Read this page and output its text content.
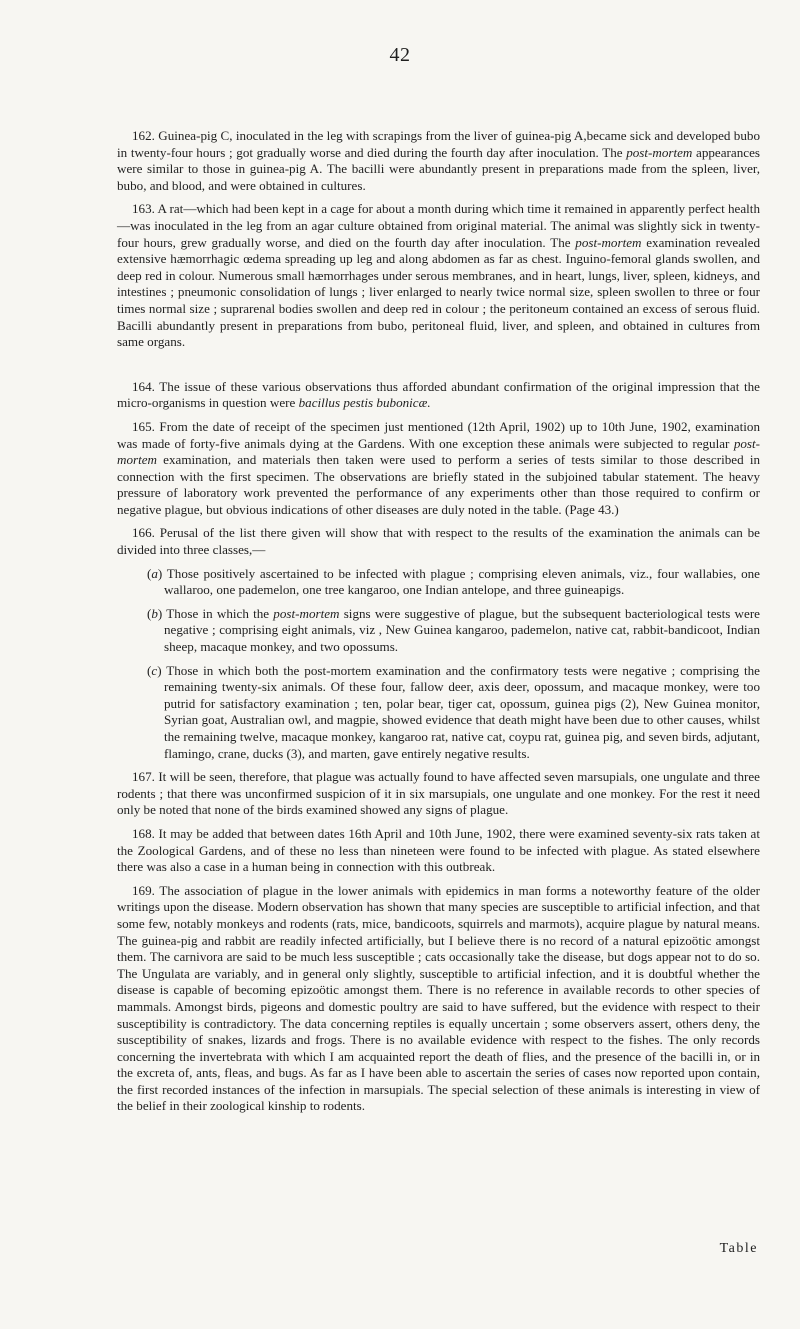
42

162. Guinea-pig C, inoculated in the leg with scrapings from the liver of guinea-pig A,became sick and developed bubo in twenty-four hours ; got gradually worse and died during the fourth day after inoculation. The post-mortem appearances were similar to those in guinea-pig A. The bacilli were abundantly present in preparations made from the spleen, liver, bubo, and blood, and were obtained in cultures.

163. A rat—which had been kept in a cage for about a month during which time it remained in apparently perfect health—was inoculated in the leg from an agar culture obtained from original material. The animal was slightly sick in twenty-four hours, grew gradually worse, and died on the fourth day after inoculation. The post-mortem examination revealed extensive hæmorrhagic œdema spreading up leg and along abdomen as far as chest. Inguino-femoral glands swollen, and deep red in colour. Numerous small hæmorrhages under serous membranes, and in heart, lungs, liver, spleen, kidneys, and intestines ; pneumonic consolidation of lungs ; liver enlarged to nearly twice normal size, spleen swollen to three or four times normal size ; suprarenal bodies swollen and deep red in colour ; the peritoneum contained an excess of serous fluid. Bacilli abundantly present in preparations from bubo, peritoneal fluid, liver, and spleen, and obtained in cultures from same organs.

164. The issue of these various observations thus afforded abundant confirmation of the original impression that the micro-organisms in question were bacillus pestis bubonicæ.

165. From the date of receipt of the specimen just mentioned (12th April, 1902) up to 10th June, 1902, examination was made of forty-five animals dying at the Gardens. With one exception these animals were subjected to regular post-mortem examination, and materials then taken were used to perform a series of tests similar to those described in connection with the first specimen. The observations are briefly stated in the subjoined tabular statement. The heavy pressure of laboratory work prevented the performance of any experiments other than those required to confirm or negative plague, but obvious indications of other diseases are duly noted in the table. (Page 43.)

166. Perusal of the list there given will show that with respect to the results of the examination the animals can be divided into three classes,—

(a) Those positively ascertained to be infected with plague ; comprising eleven animals, viz., four wallabies, one wallaroo, one pademelon, one tree kangaroo, one Indian antelope, and three guineapigs.

(b) Those in which the post-mortem signs were suggestive of plague, but the subsequent bacteriological tests were negative ; comprising eight animals, viz , New Guinea kangaroo, pademelon, native cat, rabbit-bandicoot, Indian sheep, macaque monkey, and two opossums.

(c) Those in which both the post-mortem examination and the confirmatory tests were negative ; comprising the remaining twenty-six animals. Of these four, fallow deer, axis deer, opossum, and macaque monkey, were too putrid for satisfactory examination ; ten, polar bear, tiger cat, opossum, guinea pigs (2), New Guinea monitor, Syrian goat, Australian owl, and magpie, showed evidence that death might have been due to other causes, whilst the remaining twelve, macaque monkey, kangaroo rat, native cat, coypu rat, guinea pig, and seven birds, adjutant, flamingo, crane, ducks (3), and marten, gave entirely negative results.

167. It will be seen, therefore, that plague was actually found to have affected seven marsupials, one ungulate and three rodents ; that there was unconfirmed suspicion of it in six marsupials, one ungulate and one monkey. For the rest it need only be noted that none of the birds examined showed any signs of plague.

168. It may be added that between dates 16th April and 10th June, 1902, there were examined seventy-six rats taken at the Zoological Gardens, and of these no less than nineteen were found to be infected with plague. As stated elsewhere there was also a case in a human being in connection with this outbreak.

169. The association of plague in the lower animals with epidemics in man forms a noteworthy feature of the older writings upon the disease. Modern observation has shown that many species are susceptible to artificial infection, and that some few, notably monkeys and rodents (rats, mice, bandicoots, squirrels and marmots), acquire plague by natural means. The guinea-pig and rabbit are readily infected artificially, but I believe there is no record of a natural epizoötic amongst them. The carnivora are said to be much less susceptible ; cats occasionally take the disease, but dogs appear not to do so. The Ungulata are variably, and in general only slightly, susceptible to artificial infection, and it is doubtful whether the disease is capable of becoming epizoötic amongst them. There is no reference in available records to other species of mammals. Amongst birds, pigeons and domestic poultry are said to have suffered, but the evidence with respect to their susceptibility is contradictory. The data concerning reptiles is equally uncertain ; some observers assert, others deny, the susceptibility of snakes, lizards and frogs. There is no available evidence with respect to the fishes. The only records concerning the invertebrata with which I am acquainted report the death of flies, and the presence of the bacilli in, or in the excreta of, ants, fleas, and bugs. As far as I have been able to ascertain the series of cases now reported upon contain, the first recorded instances of the infection in marsupials. The special selection of these animals is interesting in view of the belief in their zoological kinship to rodents.

Table
